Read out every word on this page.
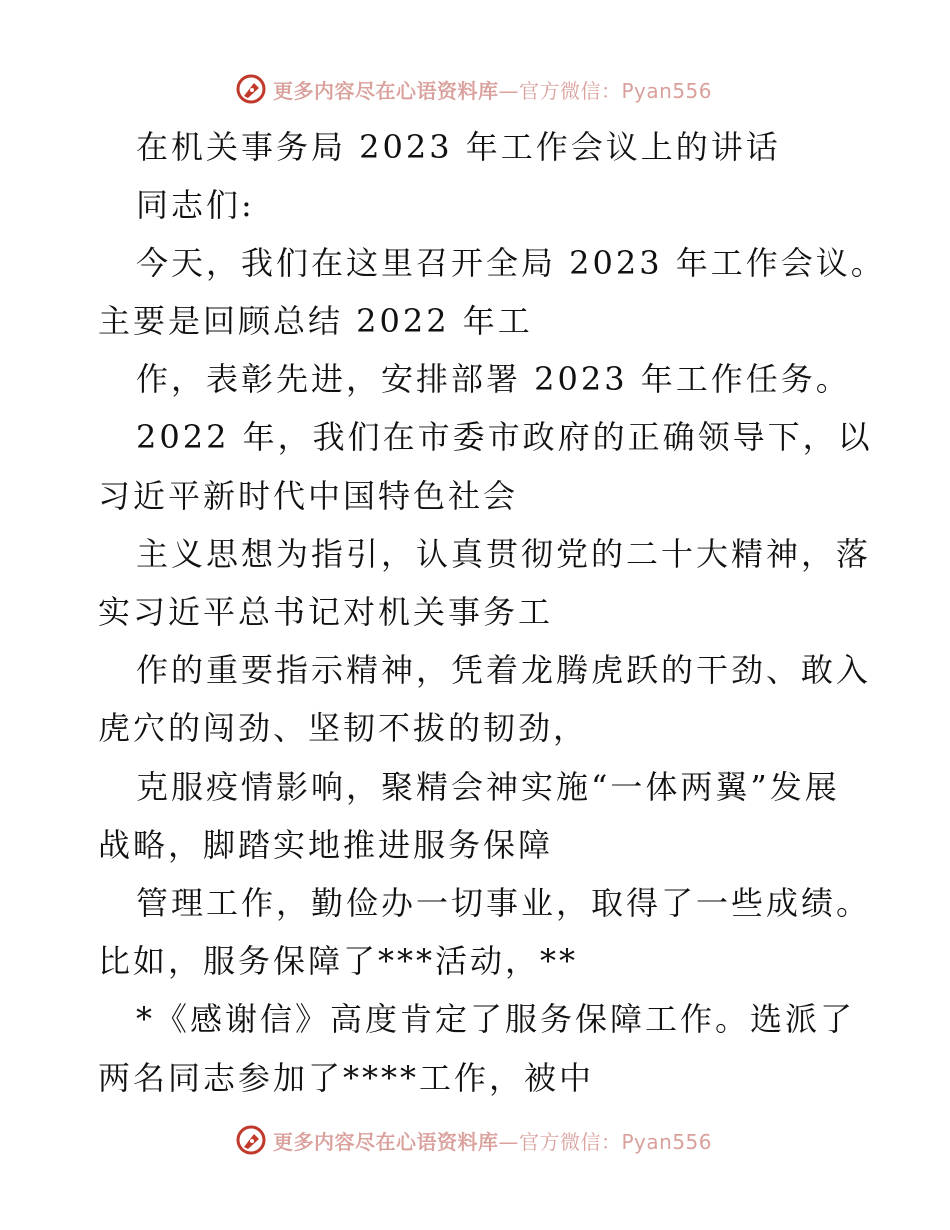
更多内容尽在心语资料库—官方微信：Pyan556
在机关事务局 2023 年工作会议上的讲话
同志们:
今天，我们在这里召开全局 2023 年工作会议。
主要是回顾总结 2022 年工
作，表彰先进，安排部署 2023 年工作任务。
2022 年，我们在市委市政府的正确领导下，以
习近平新时代中国特色社会
主义思想为指引，认真贯彻党的二十大精神，落
实习近平总书记对机关事务工
作的重要指示精神，凭着龙腾虎跃的干劲、敢入
虎穴的闯劲、坚韧不拔的韧劲，
克服疫情影响，聚精会神实施“一体两翼”发展
战略，脚踏实地推进服务保障
管理工作，勤俭办一切事业，取得了一些成绩。
比如，服务保障了***活动，**
*《感谢信》高度肯定了服务保障工作。选派了
两名同志参加了****工作，被中
更多内容尽在心语资料库—官方微信：Pyan556
